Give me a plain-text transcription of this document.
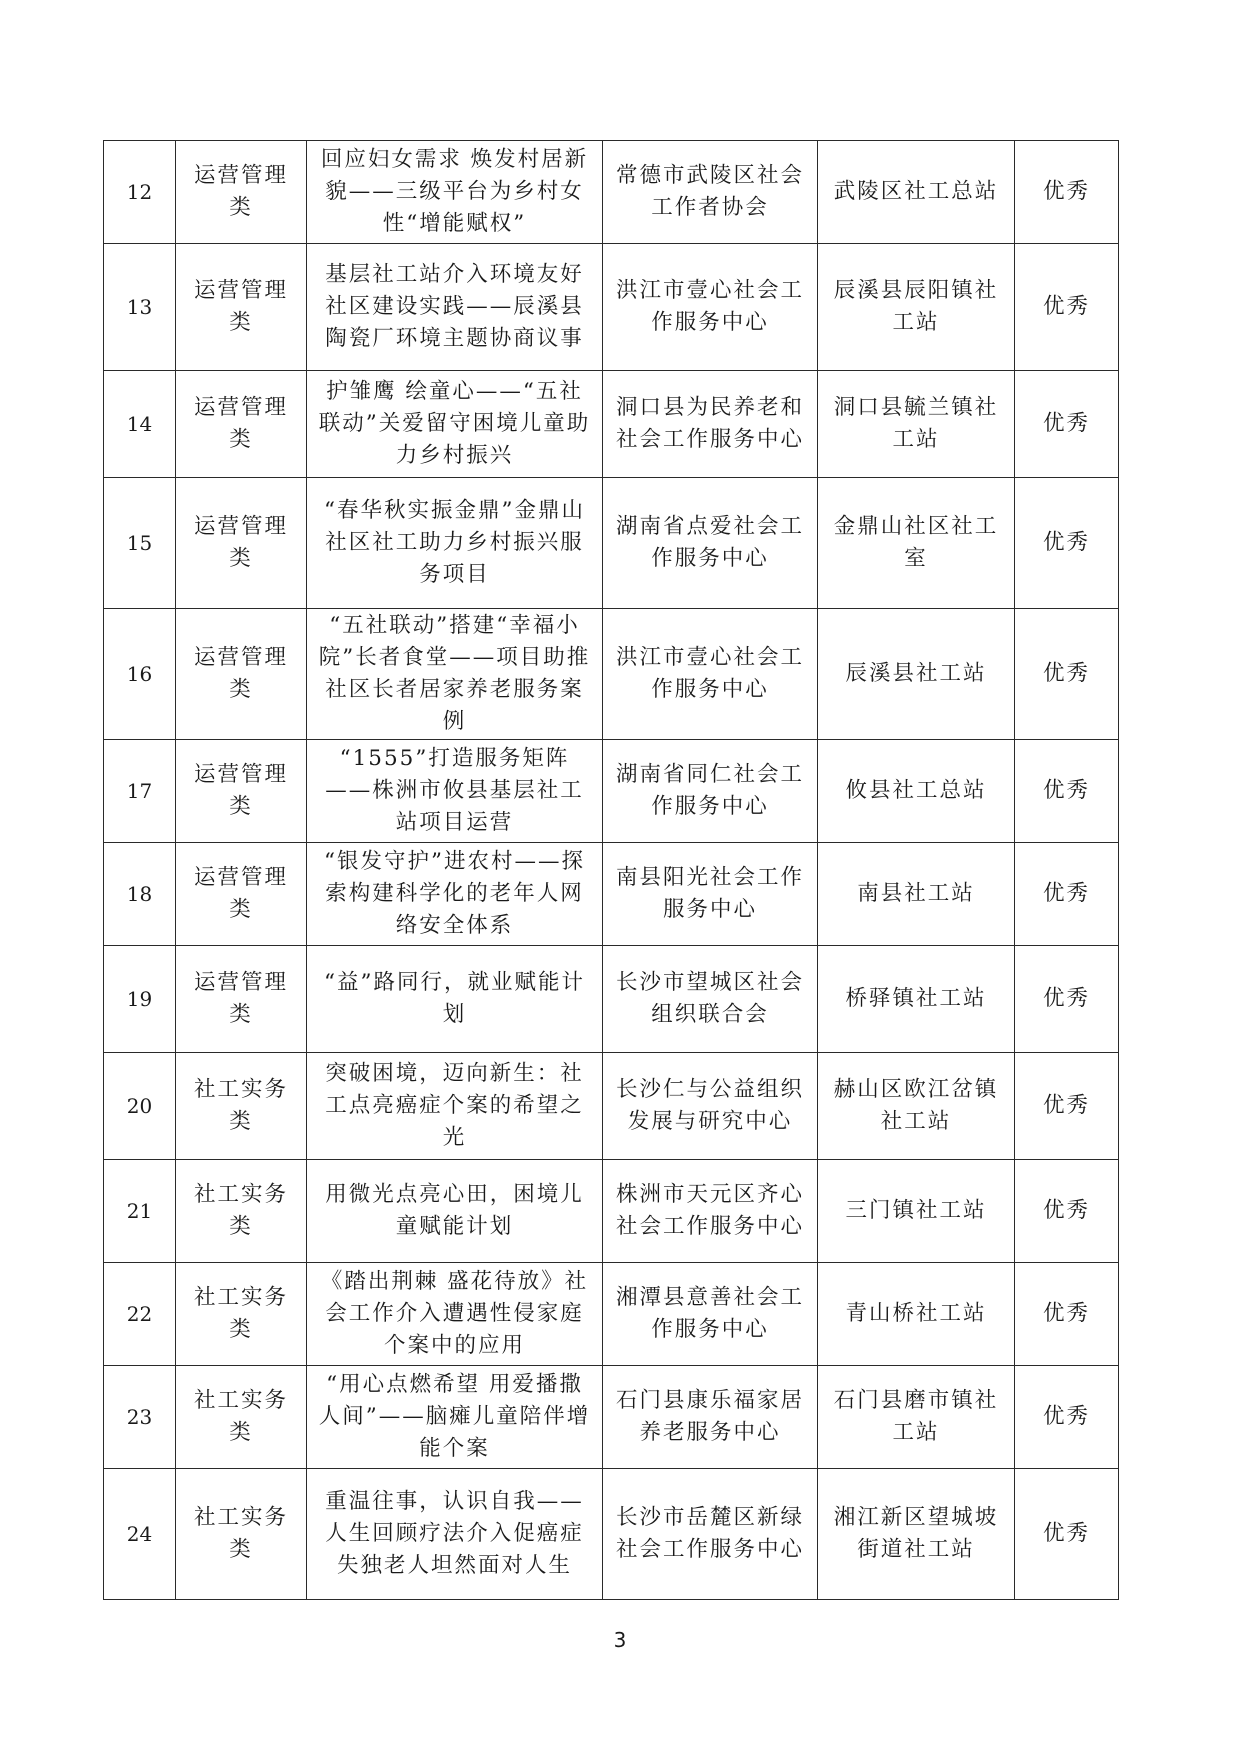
12	运营管理类	回应妇女需求 焕发村居新貌——三级平台为乡村女性“增能赋权”	常德市武陵区社会工作者协会	武陵区社工总站	优秀
13	运营管理类	基层社工站介入环境友好社区建设实践——辰溪县陶瓷厂环境主题协商议事	洪江市壹心社会工作服务中心	辰溪县辰阳镇社工站	优秀
14	运营管理类	护雏鹰 绘童心——“五社联动”关爱留守困境儿童助力乡村振兴	洞口县为民养老和社会工作服务中心	洞口县毓兰镇社工站	优秀
15	运营管理类	“春华秋实振金鼎”金鼎山社区社工助力乡村振兴服务项目	湖南省点爱社会工作服务中心	金鼎山社区社工室	优秀
16	运营管理类	“五社联动”搭建“幸福小院”长者食堂——项目助推社区长者居家养老服务案例	洪江市壹心社会工作服务中心	辰溪县社工站	优秀
17	运营管理类	“1555”打造服务矩阵——株洲市攸县基层社工站项目运营	湖南省同仁社会工作服务中心	攸县社工总站	优秀
18	运营管理类	“银发守护”进农村——探索构建科学化的老年人网络安全体系	南县阳光社会工作服务中心	南县社工站	优秀
19	运营管理类	“益”路同行，就业赋能计划	长沙市望城区社会组织联合会	桥驿镇社工站	优秀
20	社工实务类	突破困境，迈向新生：社工点亮癌症个案的希望之光	长沙仁与公益组织发展与研究中心	赫山区欧江岔镇社工站	优秀
21	社工实务类	用微光点亮心田，困境儿童赋能计划	株洲市天元区齐心社会工作服务中心	三门镇社工站	优秀
22	社工实务类	《踏出荆棘 盛花待放》社会工作介入遭遇性侵家庭个案中的应用	湘潭县意善社会工作服务中心	青山桥社工站	优秀
23	社工实务类	“用心点燃希望 用爱播撒人间”——脑瘫儿童陪伴增能个案	石门县康乐福家居养老服务中心	石门县磨市镇社工站	优秀
24	社工实务类	重温往事，认识自我——人生回顾疗法介入促癌症失独老人坦然面对人生	长沙市岳麓区新绿社会工作服务中心	湘江新区望城坡街道社工站	优秀
3
